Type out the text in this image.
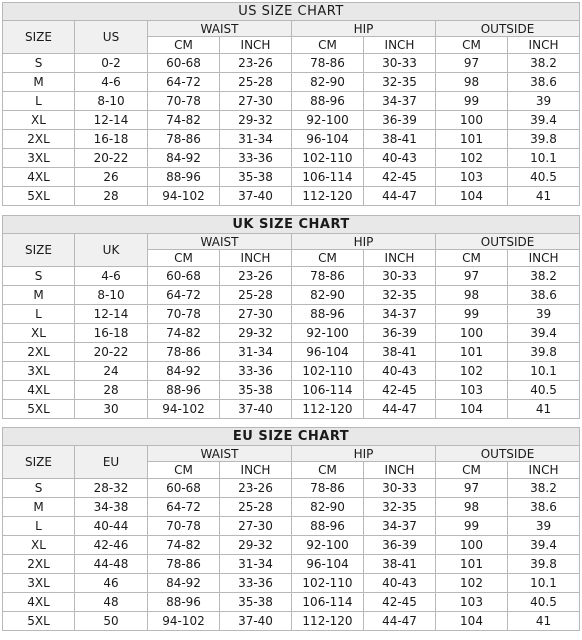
US SIZE CHART							
SIZE	US	WAIST		HIP		OUTSIDE	
		CM	INCH	CM	INCH	CM	INCH
S	0-2	60-68	23-26	78-86	30-33	97	38.2
M	4-6	64-72	25-28	82-90	32-35	98	38.6
L	8-10	70-78	27-30	88-96	34-37	99	39
XL	12-14	74-82	29-32	92-100	36-39	100	39.4
2XL	16-18	78-86	31-34	96-104	38-41	101	39.8
3XL	20-22	84-92	33-36	102-110	40-43	102	10.1
4XL	26	88-96	35-38	106-114	42-45	103	40.5
5XL	28	94-102	37-40	112-120	44-47	104	41
UK SIZE CHART							
SIZE	UK	WAIST		HIP		OUTSIDE	
		CM	INCH	CM	INCH	CM	INCH
S	4-6	60-68	23-26	78-86	30-33	97	38.2
M	8-10	64-72	25-28	82-90	32-35	98	38.6
L	12-14	70-78	27-30	88-96	34-37	99	39
XL	16-18	74-82	29-32	92-100	36-39	100	39.4
2XL	20-22	78-86	31-34	96-104	38-41	101	39.8
3XL	24	84-92	33-36	102-110	40-43	102	10.1
4XL	28	88-96	35-38	106-114	42-45	103	40.5
5XL	30	94-102	37-40	112-120	44-47	104	41
EU SIZE CHART							
SIZE	EU	WAIST		HIP		OUTSIDE	
		CM	INCH	CM	INCH	CM	INCH
S	28-32	60-68	23-26	78-86	30-33	97	38.2
M	34-38	64-72	25-28	82-90	32-35	98	38.6
L	40-44	70-78	27-30	88-96	34-37	99	39
XL	42-46	74-82	29-32	92-100	36-39	100	39.4
2XL	44-48	78-86	31-34	96-104	38-41	101	39.8
3XL	46	84-92	33-36	102-110	40-43	102	10.1
4XL	48	88-96	35-38	106-114	42-45	103	40.5
5XL	50	94-102	37-40	112-120	44-47	104	41
